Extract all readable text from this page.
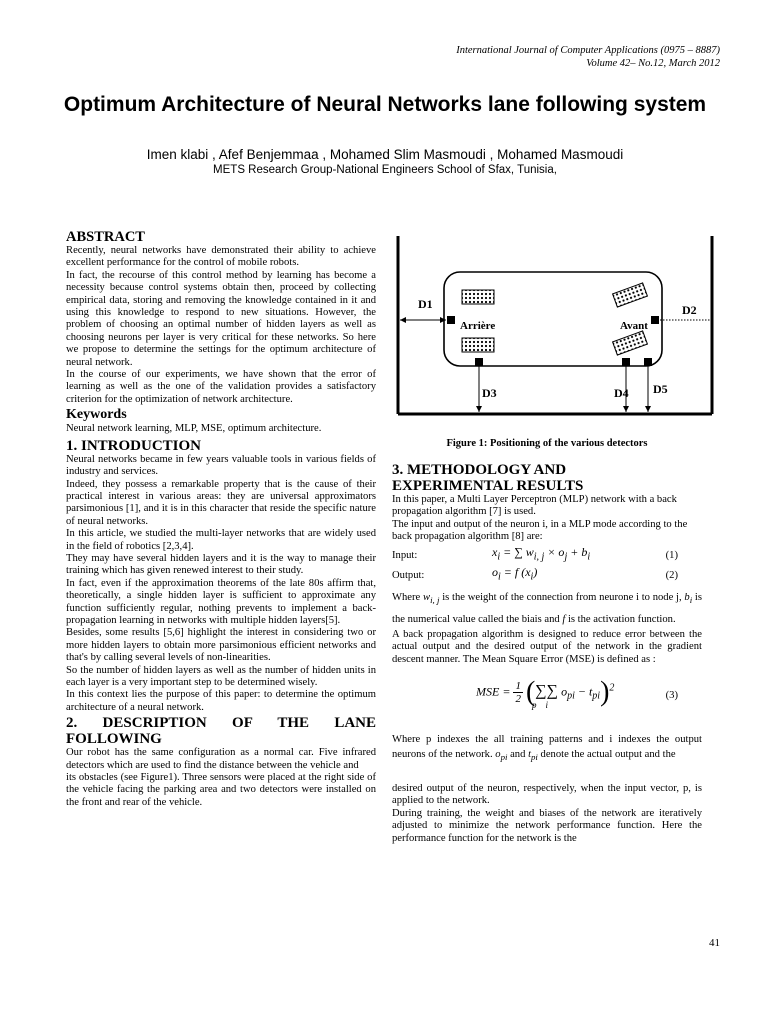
International Journal of Computer Applications (0975 – 8887)
Volume 42– No.12, March 2012
Optimum Architecture of Neural Networks lane following system
Imen klabi , Afef Benjemmaa , Mohamed Slim Masmoudi , Mohamed Masmoudi
METS Research Group-National Engineers School of Sfax, Tunisia,
ABSTRACT

Recently, neural networks have demonstrated their ability to achieve excellent performance for the control of mobile robots.

In fact, the recourse of this control method by learning has become a necessity because control systems obtain then, proceed by collecting empirical data, storing and removing the knowledge contained in it and using this knowledge to respond to new situations. However, the problem of choosing an optimal number of hidden layers as well as choosing neurons per layer is very critical for these networks. So here we propose to determine the settings for the optimum architecture of neural network.

In the course of our experiments, we have shown that the error of learning as well as the one of the validation provides a satisfactory criterion for the optimization of network architecture.

Keywords

Neural network learning, MLP, MSE, optimum architecture.

1. INTRODUCTION

Neural networks became in few years valuable tools in various fields of industry and services.

Indeed, they possess a remarkable property that is the cause of their practical interest in various areas: they are universal approximators parsimonious [1], and it is in this character that reside the specific nature of neural networks.

In this article, we studied the multi-layer networks that are widely used in the field of robotics [2,3,4].

They may have several hidden layers and it is the way to manage their training which has given renewed interest to their study.

In fact, even if the approximation theorems of the late 80s affirm that, theoretically, a single hidden layer is sufficient to approximate any function sufficiently regular, nothing prevents to implement a back-propagation learning in networks with multiple hidden layers[5].

Besides, some results [5,6] highlight the interest in considering two or more hidden layers to obtain more parsimonious efficient networks and that's by calling several levels of non-linearities.

So the number of hidden layers as well as the number of hidden units in each layer is a very important step to be determined wisely.

In this context lies the purpose of this paper: to determine the optimum architecture of a neural network.

2. DESCRIPTION OF THE LANE
FOLLOWING

Our robot has the same configuration as a normal car. Five infrared detectors which are used to find the distance between the vehicle and

its obstacles (see Figure1). Three sensors were placed at the right side of the vehicle facing the parking area and two detectors were installed on the front and rear of the vehicle.

D1	D2
D3	D4 D5
Arrière	Avant
Figure 1: Positioning of the various detectors
3. METHODOLOGY AND
EXPERIMENTAL RESULTS

In this paper, a Multi Layer Perceptron (MLP) network with a back propagation algorithm [7] is used.

The input and output of the neuron i, in a MLP mode according to the back propagation algorithm [8] are:

Input:	$x_i$ = ∑ $w_{i, j} \times o_j + b_i$	(1)
Output:	$o_i = f$ $(x_i)$	(2)

Where $w_{i, j}$ is the weight of the connection from neurone i to node j, $b_i$ is the numerical value called the biais and f is the activation function.

A back propagation algorithm is designed to reduce error between the actual output and the desired output of the network in the gradient descent manner. The Mean Square Error (MSE) is defined as :

MSE = 1
2 (∑∑ $o_{pi} - t_{pi})^2$
p    i
(3)

Where p indexes the all training patterns and i indexes the output neurons of the network. $o_{pi}$ and $t_{pi}$ denote the actual output and the

desired output of the neuron, respectively, when the input vector, p, is applied to the network.

During training, the weight and biases of the network are iteratively adjusted to minimize the network performance function. Here the performance function for the network is the

41
